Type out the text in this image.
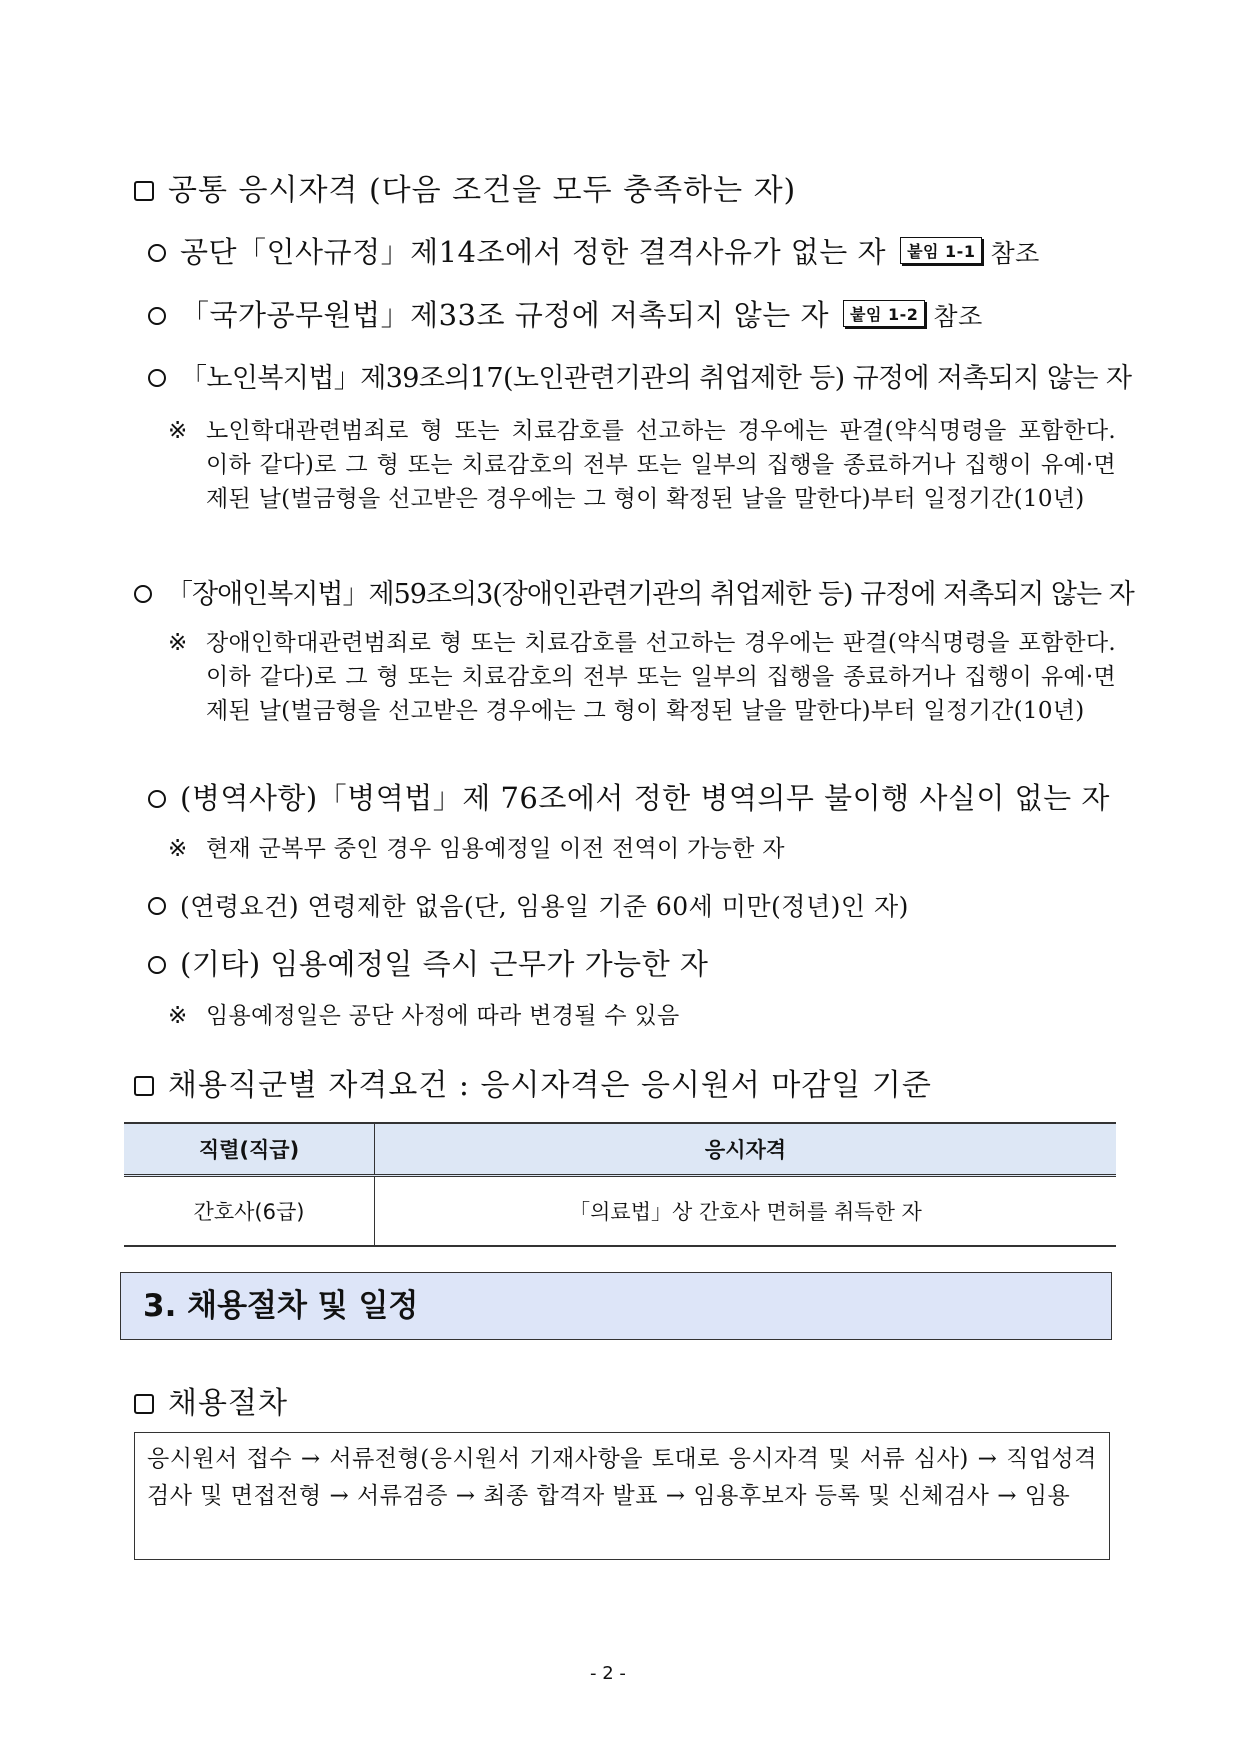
공통 응시자격 (다음 조건을 모두 충족하는 자)
공단「인사규정」제14조에서 정한 결격사유가 없는 자 붙임 1-1 참조
「국가공무원법」제33조 규정에 저촉되지 않는 자 붙임 1-2 참조
「노인복지법」제39조의17(노인관련기관의 취업제한 등) 규정에 저촉되지 않는 자
※ 노인학대관련범죄로 형 또는 치료감호를 선고하는 경우에는 판결(약식명령을 포함한다. 이하 같다)로 그 형 또는 치료감호의 전부 또는 일부의 집행을 종료하거나 집행이 유예·면제된 날(벌금형을 선고받은 경우에는 그 형이 확정된 날을 말한다)부터 일정기간(10년)
「장애인복지법」제59조의3(장애인관련기관의 취업제한 등) 규정에 저촉되지 않는 자
※ 장애인학대관련범죄로 형 또는 치료감호를 선고하는 경우에는 판결(약식명령을 포함한다. 이하 같다)로 그 형 또는 치료감호의 전부 또는 일부의 집행을 종료하거나 집행이 유예·면제된 날(벌금형을 선고받은 경우에는 그 형이 확정된 날을 말한다)부터 일정기간(10년)
(병역사항)「병역법」제 76조에서 정한 병역의무 불이행 사실이 없는 자
※ 현재 군복무 중인 경우 임용예정일 이전 전역이 가능한 자
(연령요건) 연령제한 없음(단, 임용일 기준 60세 미만(정년)인 자)
(기타) 임용예정일 즉시 근무가 가능한 자
※ 임용예정일은 공단 사정에 따라 변경될 수 있음
채용직군별 자격요건 : 응시자격은 응시원서 마감일 기준
직렬(직급)	응시자격
간호사(6급)	「의료법」상 간호사 면허를 취득한 자
3. 채용절차 및 일정
채용절차
응시원서 접수 → 서류전형(응시원서 기재사항을 토대로 응시자격 및 서류 심사) → 직업성격 검사 및 면접전형 → 서류검증 → 최종 합격자 발표 → 임용후보자 등록 및 신체검사 → 임용
- 2 -
